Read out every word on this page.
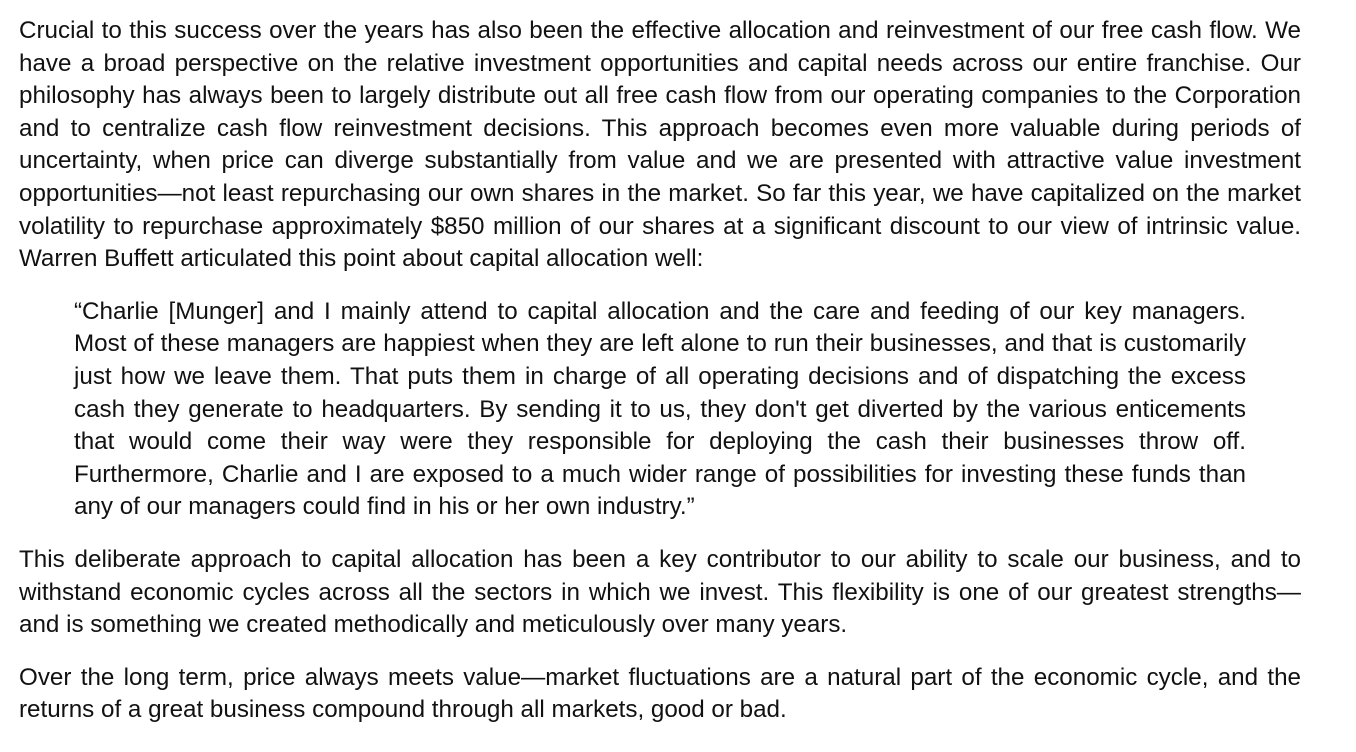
Crucial to this success over the years has also been the effective allocation and reinvestment of our free cash flow. We have a broad perspective on the relative investment opportunities and capital needs across our entire franchise. Our philosophy has always been to largely distribute out all free cash flow from our operating companies to the Corporation and to centralize cash flow reinvestment decisions. This approach becomes even more valuable during periods of uncertainty, when price can diverge substantially from value and we are presented with attractive value investment opportunities—not least repurchasing our own shares in the market. So far this year, we have capitalized on the market volatility to repurchase approximately $850 million of our shares at a significant discount to our view of intrinsic value. Warren Buffett articulated this point about capital allocation well:

“Charlie [Munger] and I mainly attend to capital allocation and the care and feeding of our key managers. Most of these managers are happiest when they are left alone to run their businesses, and that is customarily just how we leave them. That puts them in charge of all operating decisions and of dispatching the excess cash they generate to headquarters. By sending it to us, they don't get diverted by the various enticements that would come their way were they responsible for deploying the cash their businesses throw off. Furthermore, Charlie and I are exposed to a much wider range of possibilities for investing these funds than any of our managers could find in his or her own industry.”

This deliberate approach to capital allocation has been a key contributor to our ability to scale our business, and to withstand economic cycles across all the sectors in which we invest. This flexibility is one of our greatest strengths—and is something we created methodically and meticulously over many years.

Over the long term, price always meets value—market fluctuations are a natural part of the economic cycle, and the returns of a great business compound through all markets, good or bad.
